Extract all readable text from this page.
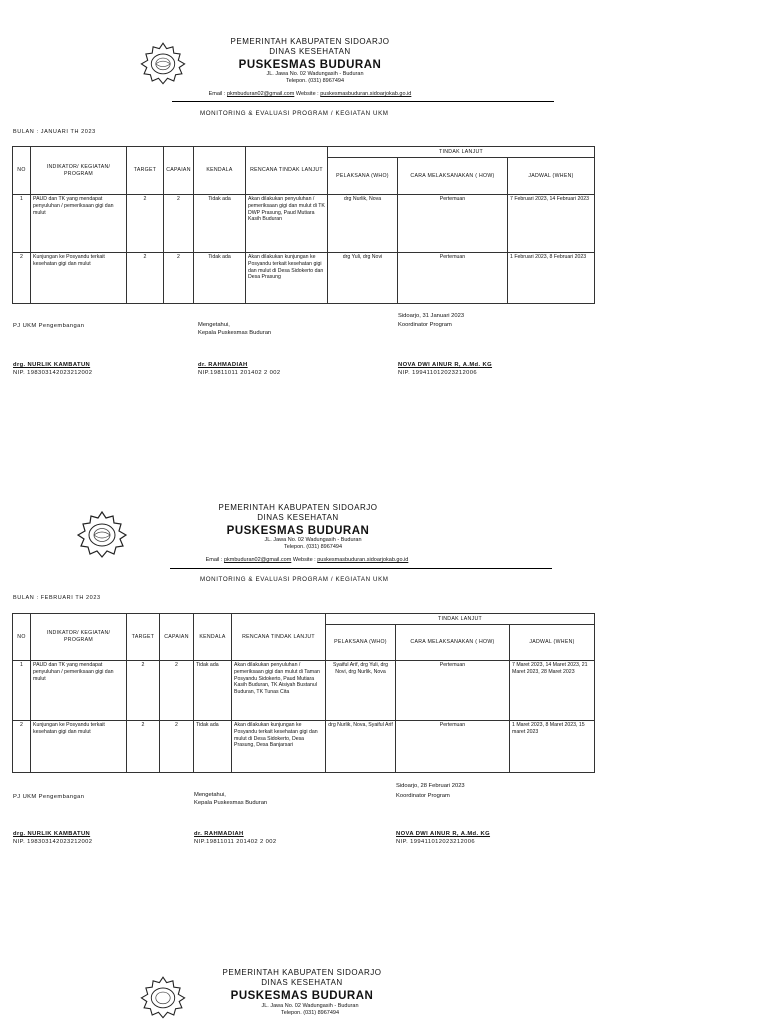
PEMERINTAH KABUPATEN SIDOARJO
DINAS KESEHATAN
PUSKESMAS BUDURAN
JL. Jawa No. 02 Wadungasih - Buduran
Telepon. (031) 8967494
Email : pkmbuduran02@gmail.com Website : puskesmasbuduran.sidoarjokab.go.id
MONITORING & EVALUASI PROGRAM / KEGIATAN UKM
BULAN : JANUARI TH 2023
NO	INDIKATOR/ KEGIATAN/ PROGRAM	TARGET	CAPAIAN	KENDALA	RENCANA TINDAK LANJUT	TINDAK LANJUT		
						PELAKSANA (WHO)	CARA MELAKSANAKAN ( HOW)	JADWAL (WHEN)
1	PAUD dan TK yang mendapat penyuluhan / pemeriksaan gigi dan mulut	2	2	Tidak ada	Akan dilakukan penyuluhan / pemeriksaan gigi dan mulut di TK DWP Prasung, Paud Mutiara Kasih Buduran	drg Nurlik, Nova	Pertemuan	7 Februari 2023, 14 Februari 2023
2	Kunjungan ke Posyandu terkait kesehatan gigi dan mulut	2	2	Tidak ada	Akan dilakukan kunjungan ke Posyandu terkait kesehatan gigi dan mulut di Desa Sidokerto dan Desa Prasung	drg Yuli, drg Novi	Pertemuan	1 Februari 2023, 8 Februari 2023
Sidoarjo, 31 Januari 2023
Koordinator Program
PJ UKM Pengembangan	Mengetahui,
Kepala Puskesmas Buduran
drg. NURLIK KAMBATUN
NIP. 198303142023212002
dr. RAHMADIAH
NIP.19811011 201402 2 002
NOVA DWI AINUR R, A.Md. KG
NIP. 199411012023212006
PEMERINTAH KABUPATEN SIDOARJO
DINAS KESEHATAN
PUSKESMAS BUDURAN
JL. Jawa No. 02 Wadungasih - Buduran
Telepon. (031) 8967494
Email : pkmbuduran02@gmail.com Website : puskesmasbuduran.sidoarjokab.go.id
MONITORING & EVALUASI PROGRAM / KEGIATAN UKM
BULAN : FEBRUARI TH 2023
NO	INDIKATOR/ KEGIATAN/ PROGRAM	TARGET	CAPAIAN	KENDALA	RENCANA TINDAK LANJUT	TINDAK LANJUT		
						PELAKSANA (WHO)	CARA MELAKSANAKAN ( HOW)	JADWAL (WHEN)
1	PAUD dan TK yang mendapat penyuluhan / pemeriksaan gigi dan mulut	2	2	Tidak ada	Akan dilakukan penyuluhan / pemeriksaan gigi dan mulut di Taman Posyandu Sidokerto, Paud Mutiara Kasih Buduran, TK Aisiyah Bustanul Buduran, TK Tunas Cita	Syaiful Arif, drg Yuli, drg Novi, drg Nurlik, Nova	Pertemuan	7 Maret 2023, 14 Maret 2023, 21 Maret 2023, 28 Maret 2023
2	Kunjungan ke Posyandu terkait kesehatan gigi dan mulut	2	2	Tidak ada	Akan dilakukan kunjungan ke Posyandu terkait kesehatan gigi dan mulut di Desa Sidokerto, Desa Prasung, Desa Banjarsari	drg Nurlik, Nova, Syaiful Arif	Pertemuan	1 Maret 2023, 8 Maret 2023, 15 maret 2023
Sidoarjo, 28 Februari 2023
Koordinator Program
PJ UKM Pengembangan	Mengetahui,
Kepala Puskesmas Buduran
drg. NURLIK KAMBATUN
NIP. 198303142023212002
dr. RAHMADIAH
NIP.19811011 201402 2 002
NOVA DWI AINUR R, A.Md. KG
NIP. 199411012023212006
PEMERINTAH KABUPATEN SIDOARJO
DINAS KESEHATAN
PUSKESMAS BUDURAN
JL. Jawa No. 02 Wadungasih - Buduran
Telepon. (031) 8967494
